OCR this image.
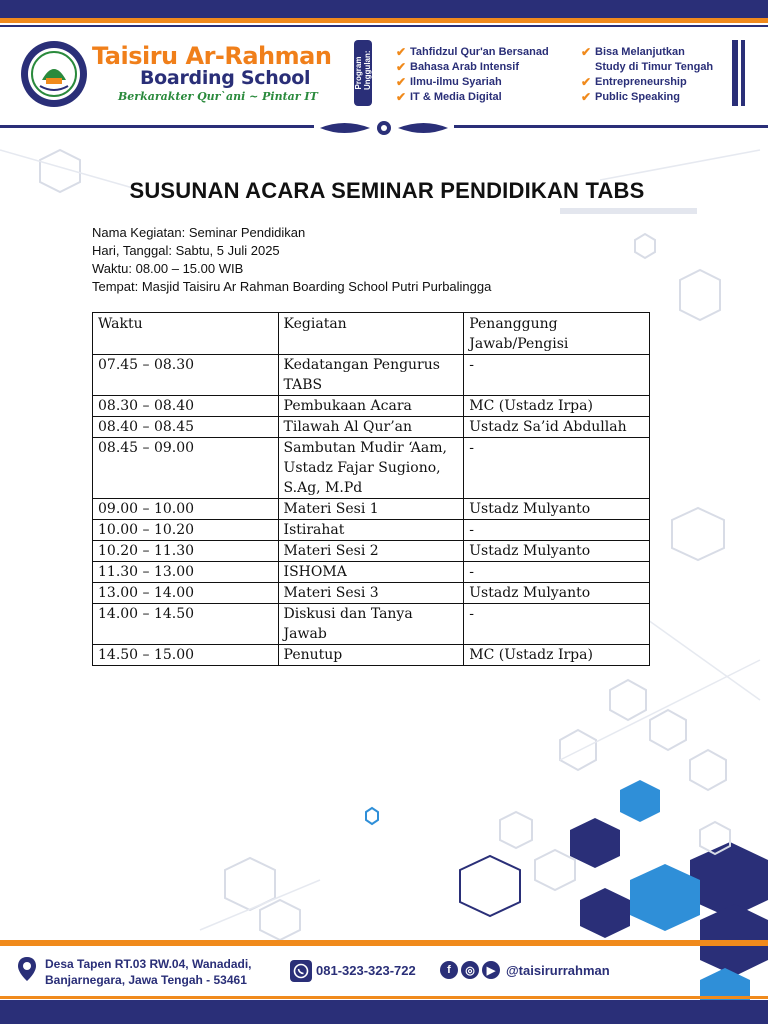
Taisiru Ar-Rahman
Boarding School
Berkarakter Qur`ani ~ Pintar IT
Program Unggulan: ✔ Tahfidzul Qur'an Bersanad
✔ Bahasa Arab Intensif
✔ Ilmu-ilmu Syariah
✔ IT & Media Digital
✔ Bisa Melanjutkan
Study di Timur Tengah
✔ Entrepreneurship
✔ Public Speaking
SUSUNAN ACARA SEMINAR PENDIDIKAN TABS
Nama Kegiatan: Seminar Pendidikan
Hari, Tanggal: Sabtu, 5 Juli 2025
Waktu: 08.00 – 15.00 WIB
Tempat: Masjid Taisiru Ar Rahman Boarding School Putri Purbalingga
Waktu	Kegiatan	Penanggung Jawab/Pengisi
07.45 – 08.30	Kedatangan Pengurus TABS	-
08.30 – 08.40	Pembukaan Acara	MC (Ustadz Irpa)
08.40 – 08.45	Tilawah Al Qur’an	Ustadz Sa’id Abdullah
08.45 – 09.00	Sambutan Mudir ‘Aam, Ustadz Fajar Sugiono, S.Ag, M.Pd	-
09.00 – 10.00	Materi Sesi 1	Ustadz Mulyanto
10.00 – 10.20	Istirahat	-
10.20 – 11.30	Materi Sesi 2	Ustadz Mulyanto
11.30 – 13.00	ISHOMA	-
13.00 – 14.00	Materi Sesi 3	Ustadz Mulyanto
14.00 – 14.50	Diskusi dan Tanya Jawab	-
14.50 – 15.00	Penutup	MC (Ustadz Irpa)
Desa Tapen RT.03 RW.04, Wanadadi,
Banjarnegara, Jawa Tengah - 53461
081-323-323-722	f	◎	▶ @taisirurrahman
